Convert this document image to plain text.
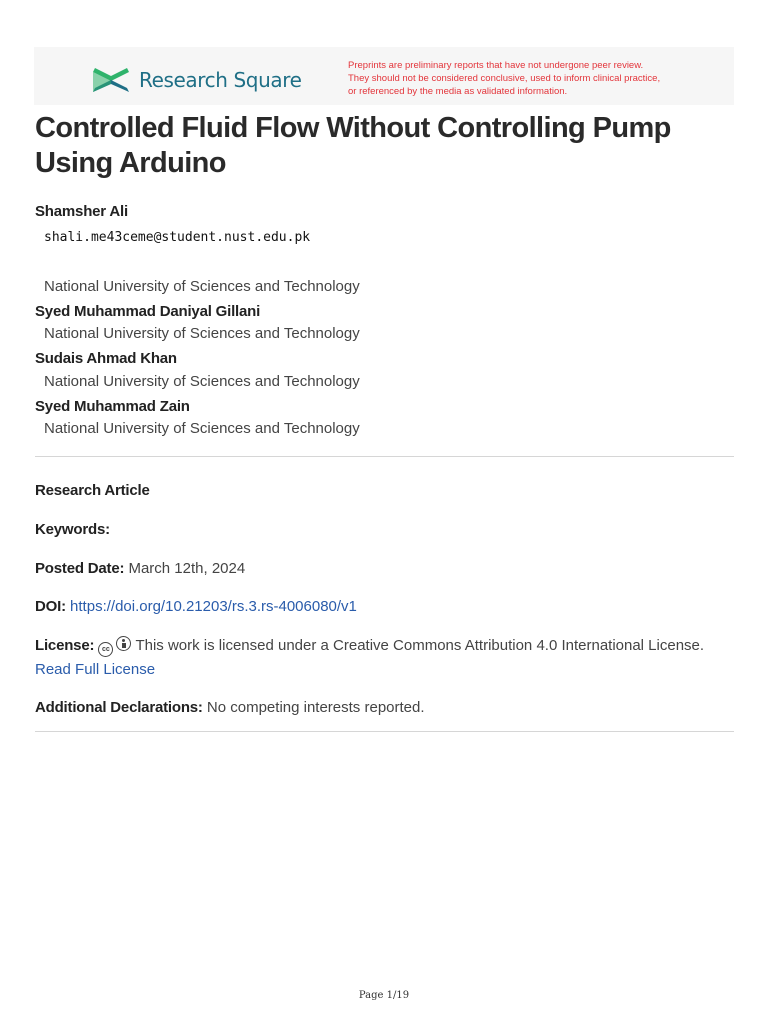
Research Square
Preprints are preliminary reports that have not undergone peer review.
They should not be considered conclusive, used to inform clinical practice,
or referenced by the media as validated information.
Controlled Fluid Flow Without Controlling Pump
Using Arduino
Shamsher Ali
shali.me43ceme@student.nust.edu.pk
National University of Sciences and Technology
Syed Muhammad Daniyal Gillani
National University of Sciences and Technology
Sudais Ahmad Khan
National University of Sciences and Technology
Syed Muhammad Zain
National University of Sciences and Technology
Research Article
Keywords:
Posted Date: March 12th, 2024
DOI: https://doi.org/10.21203/rs.3.rs-4006080/v1
License: cc This work is licensed under a Creative Commons Attribution 4.0 International License.
Read Full License
Additional Declarations: No competing interests reported.
Page 1/19
